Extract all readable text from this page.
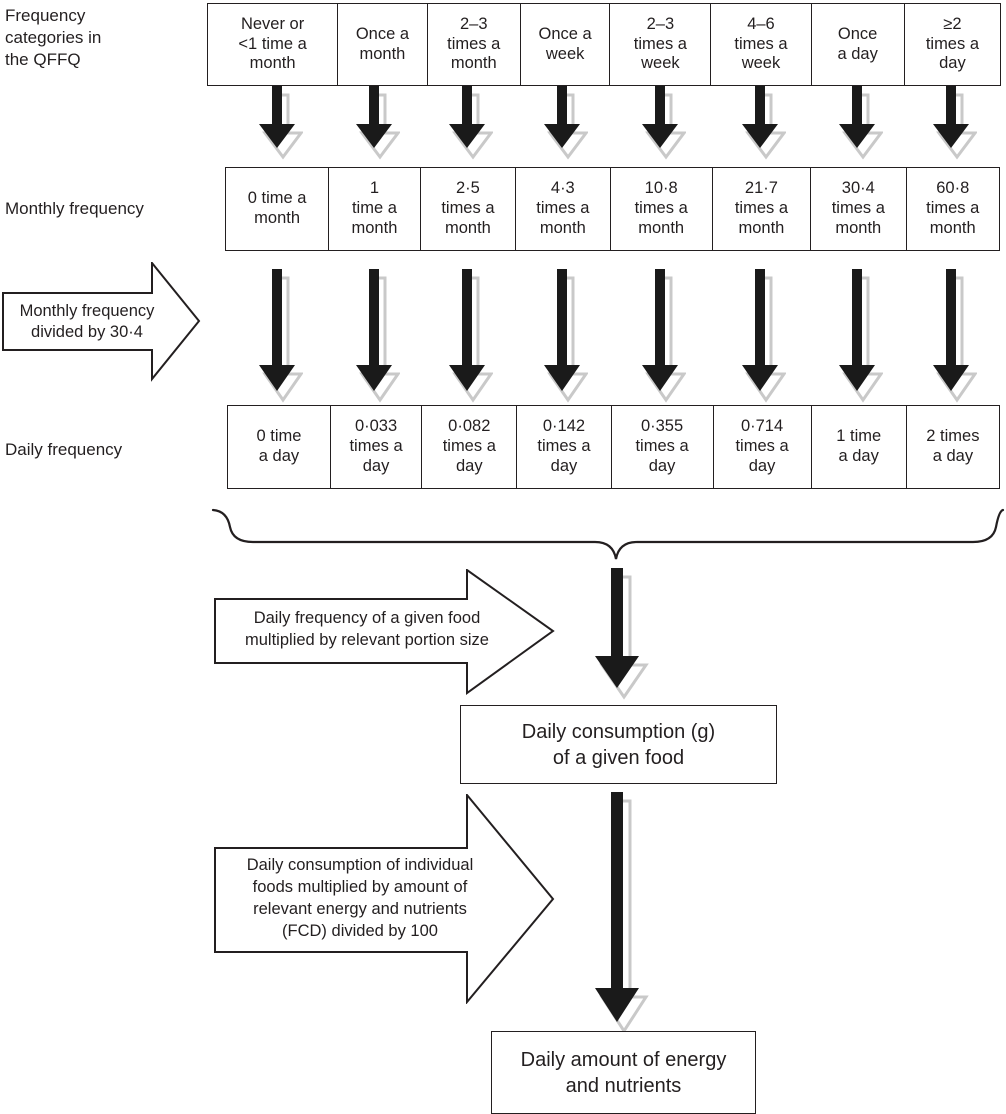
Frequency
categories in
the QFFQ
Monthly frequency
Daily frequency
Never or
<1 time a
month
Once a
month
2–3
times a
month
Once a
week
2–3
times a
week
4–6
times a
week
Once
a day
≥2
times a
day
0 time a
month
1
time a
month
2·5
times a
month
4·3
times a
month
10·8
times a
month
21·7
times a
month
30·4
times a
month
60·8
times a
month
Monthly frequency
divided by 30·4
0 time
a day
0·033
times a
day
0·082
times a
day
0·142
times a
day
0·355
times a
day
0·714
times a
day
1 time
a day
2 times
a day
Daily frequency of a given food
multiplied by relevant portion size
Daily consumption (g)
of a given food
Daily consumption of individual
foods multiplied by amount of
relevant energy and nutrients
(FCD) divided by 100
Daily amount of energy
and nutrients
